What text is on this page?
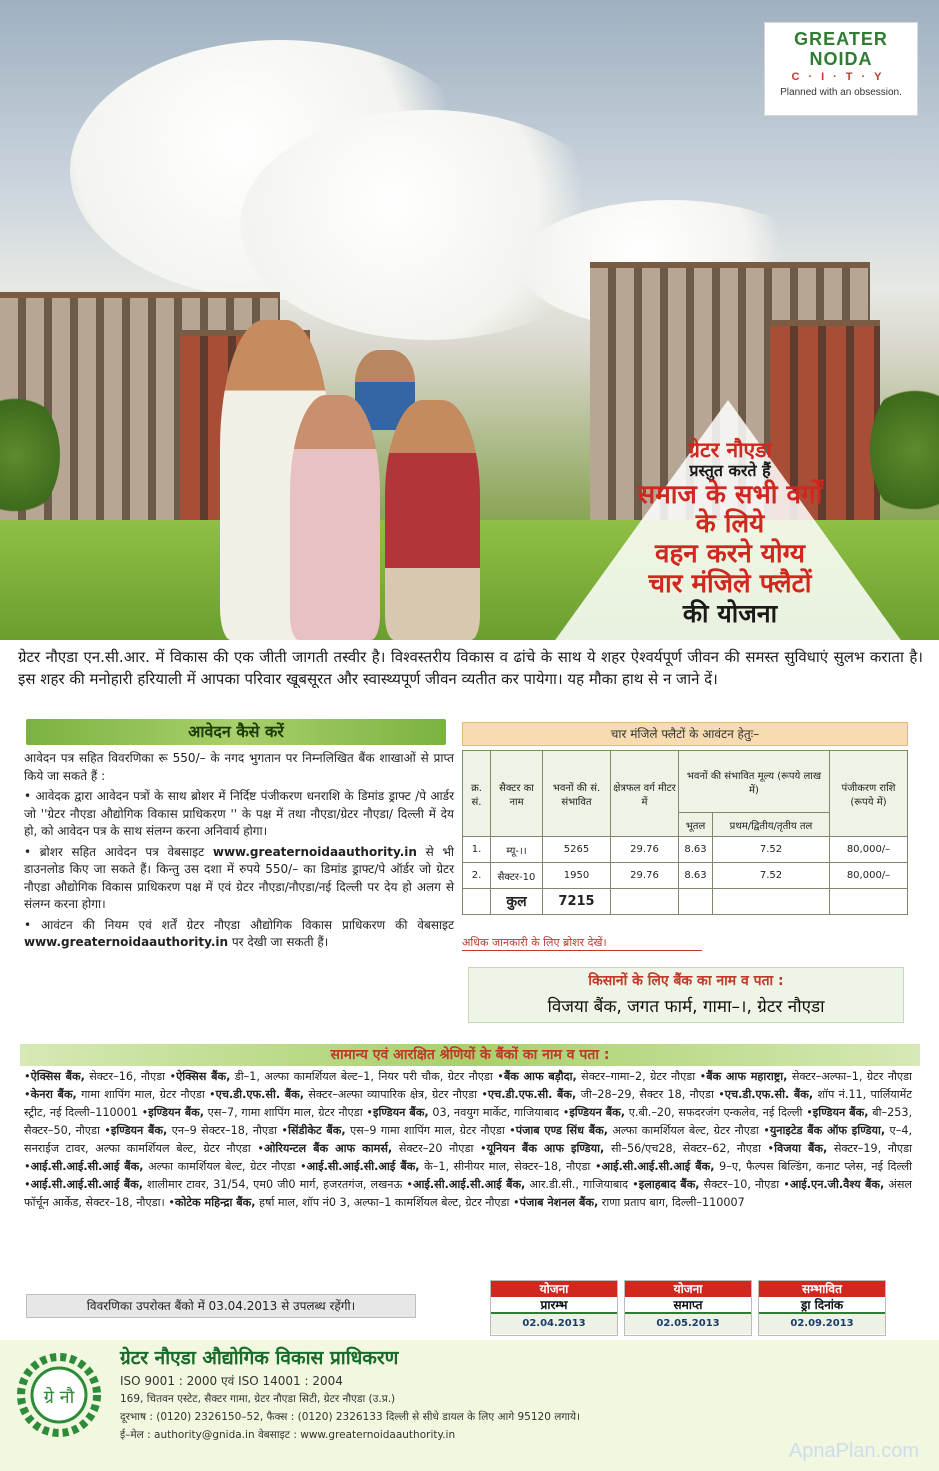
GREATER
NOIDA
C·I·T·Y
Planned with an obsession.
ग्रेटर नौएडा
प्रस्तुत करते हैं
समाज के सभी वर्गों
के लिये
वहन करने योग्य
चार मंजिले फ्लैटों
की योजना
ग्रेटर नौएडा एन.सी.आर. में विकास की एक जीती जागती तस्वीर है। विश्वस्तरीय विकास व ढांचे के साथ ये शहर ऐश्वर्यपूर्ण जीवन की समस्त सुविधाएं सुलभ कराता है। इस शहर की मनोहारी हरियाली में आपका परिवार खूबसूरत और स्वास्थ्यपूर्ण जीवन व्यतीत कर पायेगा। यह मौका हाथ से न जाने दें।
आवेदन कैसे करें

आवेदन पत्र सहित विवरणिका रू 550/– के नगद भुगतान पर निम्नलिखित बैंक शाखाओं से प्राप्त किये जा सकते हैं :

• आवेदक द्वारा आवेदन पत्रों के साथ ब्रोशर में निर्दिष्ट पंजीकरण धनराशि के डिमांड ड्राफ्ट /पे आर्डर जो ''ग्रेटर नौएडा औद्योगिक विकास प्राधिकरण '' के पक्ष में तथा नौएडा/ग्रेटर नौएडा/ दिल्ली में देय हो, को आवेदन पत्र के साथ संलग्न करना अनिवार्य होगा।

• ब्रोशर सहित आवेदन पत्र वेबसाइट www.greaternoidaauthority.in से भी डाउनलोड किए जा सकते हैं। किन्तु उस दशा में रुपये 550/– का डिमांड ड्राफ्ट/पे ऑर्डर जो ग्रेटर नौएडा औद्योगिक विकास प्राधिकरण पक्ष में एवं ग्रेटर नौएडा/नौएडा/नई दिल्ली पर देय हो अलग से संलग्न करना होगा।

• आवंटन की नियम एवं शर्तें ग्रेटर नौएडा औद्योगिक विकास प्राधिकरण की वेबसाइट www.greaternoidaauthority.in पर देखी जा सकती हैं।

चार मंजिले फ्लैटों के आवंटन हेतुः–
क्र. सं.	सैक्टर का नाम	भवनों की सं. संभावित	क्षेत्रफल वर्ग मीटर में	भवनों की संभावित मूल्य (रूपये लाख में)		पंजीकरण राशि (रूपये में)
				भूतल	प्रथम/द्वितीय/तृतीय तल	
1.	म्यू-।।	5265	29.76	8.63	7.52	80,000/–
2.	सैक्टर-10	1950	29.76	8.63	7.52	80,000/–
	कुल	7215				
अधिक जानकारी के लिए ब्रोशर देखें।
किसानों के लिए बैंक का नाम व पता :
विजया बैंक, जगत फार्म, गामा–।, ग्रेटर नौएडा
सामान्य एवं आरक्षित श्रेणियों के बैंकों का नाम व पता :
•ऐक्सिस बैंक, सेक्टर–16, नौएडा •ऐक्सिस बैंक, डी–1, अल्फा कामर्शियल बेल्ट–1, नियर परी चौक, ग्रेटर नौएडा •बैंक आफ बड़ौदा, सेक्टर–गामा–2, ग्रेटर नौएडा •बैंक आफ महाराष्ट्रा, सेक्टर–अल्फा–1, ग्रेटर नौएडा •केनरा बैंक, गामा शापिंग माल, ग्रेटर नौएडा •एच.डी.एफ.सी. बैंक, सेक्टर–अल्फा व्यापारिक क्षेत्र, ग्रेटर नौएडा •एच.डी.एफ.सी. बैंक, जी–28–29, सैक्टर 18, नौएडा •एच.डी.एफ.सी. बैंक, शॉप नं.11, पार्लियामेंट स्ट्रीट, नई दिल्ली–110001 •इण्डियन बैंक, एस–7, गामा शापिंग माल, ग्रेटर नौएडा •इण्डियन बैंक, 03, नवयुग मार्केट, गाजियाबाद •इण्डियन बैंक, ए.बी.–20, सफदरजंग एन्कलेव, नई दिल्ली •इण्डियन बैंक, बी–253, सैक्टर–50, नौएडा •इण्डियन बैंक, एन–9 सेक्टर–18, नौएडा •सिंडीकेट बैंक, एस–9 गामा शापिंग माल, ग्रेटर नौएडा •पंजाब एण्ड सिंध बैंक, अल्फा कामर्शियल बेल्ट, ग्रेटर नौएडा •युनाइटेड बैंक ऑफ इण्डिया, ए–4, सनराईज टावर, अल्फा कामर्शियल बेल्ट, ग्रेटर नौएडा •ओरियन्टल बैंक आफ कामर्स, सेक्टर–20 नौएडा •यूनियन बैंक आफ इण्डिया, सी–56/एच28, सेक्टर–62, नौएडा •विजया बैंक, सेक्टर–19, नौएडा •आई.सी.आई.सी.आई बैंक, अल्फा कामर्शियल बेल्ट, ग्रेटर नौएडा •आई.सी.आई.सी.आई बैंक, के–1, सीनीयर माल, सेक्टर–18, नौएडा •आई.सी.आई.सी.आई बैंक, 9–ए, फैल्पस बिल्डिंग, कनाट प्लेस, नई दिल्ली •आई.सी.आई.सी.आई बैंक, शालीमार टावर, 31/54, एम0 जी0 मार्ग, हजरतगंज, लखनऊ •आई.सी.आई.सी.आई बैंक, आर.डी.सी., गाजियाबाद •इलाहबाद बैंक, सैक्टर–10, नौएडा •आई.एन.जी.वैश्य बैंक, अंसल फॉर्चून आर्केड, सेक्टर–18, नौएडा। •कोटेक महिन्द्रा बैंक, हर्षा माल, शॉप नं0 3, अल्फा–1 कामर्शियल बेल्ट, ग्रेटर नौएडा •पंजाब नेशनल बैंक, राणा प्रताप बाग, दिल्ली–110007
विवरणिका उपरोक्त बैंको में 03.04.2013 से उपलब्ध रहेंगी।
योजना
प्रारम्भ
02.04.2013
योजना
समाप्त
02.05.2013
सम्भावित
ड्रा दिनांक
02.09.2013
ग्रे नौ
ग्रेटर नौएडा औद्योगिक विकास प्राधिकरण
ISO 9001 : 2000 एवं ISO 14001 : 2004
169, चितवन एस्टेट, सैक्टर गामा, ग्रेटर नौएडा सिटी, ग्रेटर नौएडा (उ.प्र.)
दूरभाष : (0120) 2326150–52, फैक्स : (0120) 2326133 दिल्ली से सीधे डायल के लिए आगे 95120 लगाये।
ई–मेल : authority@gnida.in वेबसाइट : www.greaternoidaauthority.in
ApnaPlan.com
